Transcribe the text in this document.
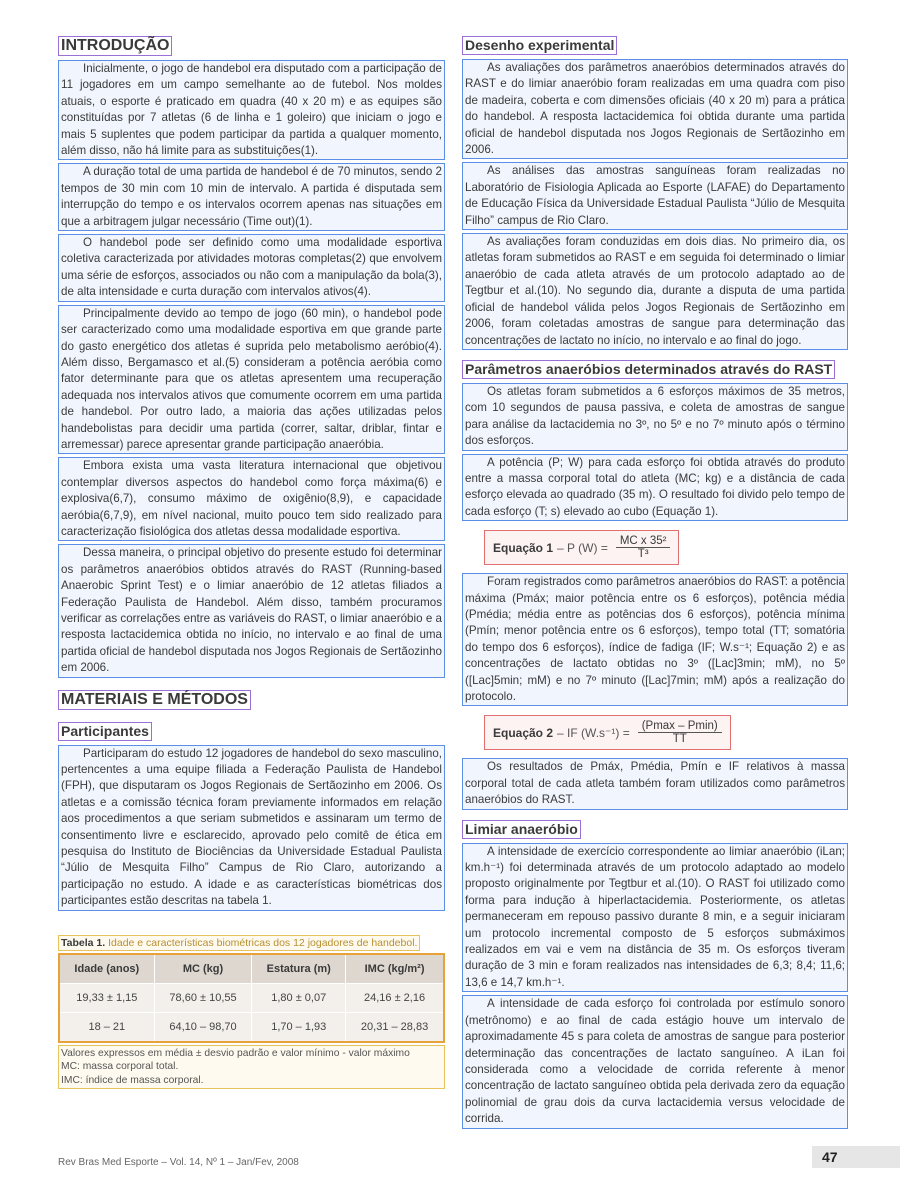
INTRODUÇÃO

Inicialmente, o jogo de handebol era disputado com a participação de 11 jogadores em um campo semelhante ao de futebol. Nos moldes atuais, o esporte é praticado em quadra (40 x 20 m) e as equipes são constituídas por 7 atletas (6 de linha e 1 goleiro) que iniciam o jogo e mais 5 suplentes que podem participar da partida a qualquer momento, além disso, não há limite para as substituições(1).

A duração total de uma partida de handebol é de 70 minutos, sendo 2 tempos de 30 min com 10 min de intervalo. A partida é disputada sem interrupção do tempo e os intervalos ocorrem apenas nas situações em que a arbitragem julgar necessário (Time out)(1).

O handebol pode ser definido como uma modalidade esportiva coletiva caracterizada por atividades motoras completas(2) que envolvem uma série de esforços, associados ou não com a manipulação da bola(3), de alta intensidade e curta duração com intervalos ativos(4).

Principalmente devido ao tempo de jogo (60 min), o handebol pode ser caracterizado como uma modalidade esportiva em que grande parte do gasto energético dos atletas é suprida pelo metabolismo aeróbio(4). Além disso, Bergamasco et al.(5) consideram a potência aeróbia como fator determinante para que os atletas apresentem uma recuperação adequada nos intervalos ativos que comumente ocorrem em uma partida de handebol. Por outro lado, a maioria das ações utilizadas pelos handebolistas para decidir uma partida (correr, saltar, driblar, fintar e arremessar) parece apresentar grande participação anaeróbia.

Embora exista uma vasta literatura internacional que objetivou contemplar diversos aspectos do handebol como força máxima(6) e explosiva(6,7), consumo máximo de oxigênio(8,9), e capacidade aeróbia(6,7,9), em nível nacional, muito pouco tem sido realizado para caracterização fisiológica dos atletas dessa modalidade esportiva.

Dessa maneira, o principal objetivo do presente estudo foi determinar os parâmetros anaeróbios obtidos através do RAST (Running-based Anaerobic Sprint Test) e o limiar anaeróbio de 12 atletas filiados a Federação Paulista de Handebol. Além disso, também procuramos verificar as correlações entre as variáveis do RAST, o limiar anaeróbio e a resposta lactacidemica obtida no início, no intervalo e ao final de uma partida oficial de handebol disputada nos Jogos Regionais de Sertãozinho em 2006.

MATERIAIS E MÉTODOS
Participantes

Participaram do estudo 12 jogadores de handebol do sexo masculino, pertencentes a uma equipe filiada a Federação Paulista de Handebol (FPH), que disputaram os Jogos Regionais de Sertãozinho em 2006. Os atletas e a comissão técnica foram previamente informados em relação aos procedimentos a que seriam submetidos e assinaram um termo de consentimento livre e esclarecido, aprovado pelo comitê de ética em pesquisa do Instituto de Biociências da Universidade Estadual Paulista “Júlio de Mesquita Filho” Campus de Rio Claro, autorizando a participação no estudo. A idade e as características biométricas dos participantes estão descritas na tabela 1.

Tabela 1. Idade e características biométricas dos 12 jogadores de handebol.
Idade (anos)	MC (kg)	Estatura (m)	IMC (kg/m²)
19,33 ± 1,15	78,60 ± 10,55	1,80 ± 0,07	24,16 ± 2,16
18 – 21	64,10 – 98,70	1,70 – 1,93	20,31 – 28,83
Valores expressos em média ± desvio padrão e valor mínimo - valor máximo
MC: massa corporal total.
IMC: índice de massa corporal.
Desenho experimental

As avaliações dos parâmetros anaeróbios determinados através do RAST e do limiar anaeróbio foram realizadas em uma quadra com piso de madeira, coberta e com dimensões oficiais (40 x 20 m) para a prática do handebol. A resposta lactacidemica foi obtida durante uma partida oficial de handebol disputada nos Jogos Regionais de Sertãozinho em 2006.

As análises das amostras sanguíneas foram realizadas no Laboratório de Fisiologia Aplicada ao Esporte (LAFAE) do Departamento de Educação Física da Universidade Estadual Paulista “Júlio de Mesquita Filho” campus de Rio Claro.

As avaliações foram conduzidas em dois dias. No primeiro dia, os atletas foram submetidos ao RAST e em seguida foi determinado o limiar anaeróbio de cada atleta através de um protocolo adaptado ao de Tegtbur et al.(10). No segundo dia, durante a disputa de uma partida oficial de handebol válida pelos Jogos Regionais de Sertãozinho em 2006, foram coletadas amostras de sangue para determinação das concentrações de lactato no início, no intervalo e ao final do jogo.

Parâmetros anaeróbios determinados através do RAST

Os atletas foram submetidos a 6 esforços máximos de 35 metros, com 10 segundos de pausa passiva, e coleta de amostras de sangue para análise da lactacidemia no 3º, no 5º e no 7º minuto após o término dos esforços.

A potência (P; W) para cada esforço foi obtida através do produto entre a massa corporal total do atleta (MC; kg) e a distância de cada esforço elevada ao quadrado (35 m). O resultado foi divido pelo tempo de cada esforço (T; s) elevado ao cubo (Equação 1).

Equação 1 – P $(W) = \frac{\text{MC x 35²}}{\text{T³}}$

Foram registrados como parâmetros anaeróbios do RAST: a potência máxima (Pmáx; maior potência entre os 6 esforços), potência média (Pmédia; média entre as potências dos 6 esforços), potência mínima (Pmín; menor potência entre os 6 esforços), tempo total (TT; somatória do tempo dos 6 esforços), índice de fadiga (IF; W.s⁻¹; Equação 2) e as concentrações de lactato obtidas no 3º ([Lac]3min; mM), no 5º ([Lac]5min; mM) e no 7º minuto ([Lac]7min; mM) após a realização do protocolo.

Equação 2 – IF $(W.s^{-1}) = \frac{(Pmax - Pmin)}{TT}$

Os resultados de Pmáx, Pmédia, Pmín e IF relativos à massa corporal total de cada atleta também foram utilizados como parâmetros anaeróbios do RAST.

Limiar anaeróbio

A intensidade de exercício correspondente ao limiar anaeróbio (iLan; km.h⁻¹) foi determinada através de um protocolo adaptado ao modelo proposto originalmente por Tegtbur et al.(10). O RAST foi utilizado como forma para indução à hiperlactacidemia. Posteriormente, os atletas permaneceram em repouso passivo durante 8 min, e a seguir iniciaram um protocolo incremental composto de 5 esforços submáximos realizados em vai e vem na distância de 35 m. Os esforços tiveram duração de 3 min e foram realizados nas intensidades de 6,3; 8,4; 11,6; 13,6 e 14,7 km.h⁻¹.

A intensidade de cada esforço foi controlada por estímulo sonoro (metrônomo) e ao final de cada estágio houve um intervalo de aproximadamente 45 s para coleta de amostras de sangue para posterior determinação das concentrações de lactato sanguíneo. A iLan foi considerada como a velocidade de corrida referente à menor concentração de lactato sanguíneo obtida pela derivada zero da equação polinomial de grau dois da curva lactacidemia versus velocidade de corrida.

Rev Bras Med Esporte – Vol. 14, Nº 1 – Jan/Fev, 2008	47
